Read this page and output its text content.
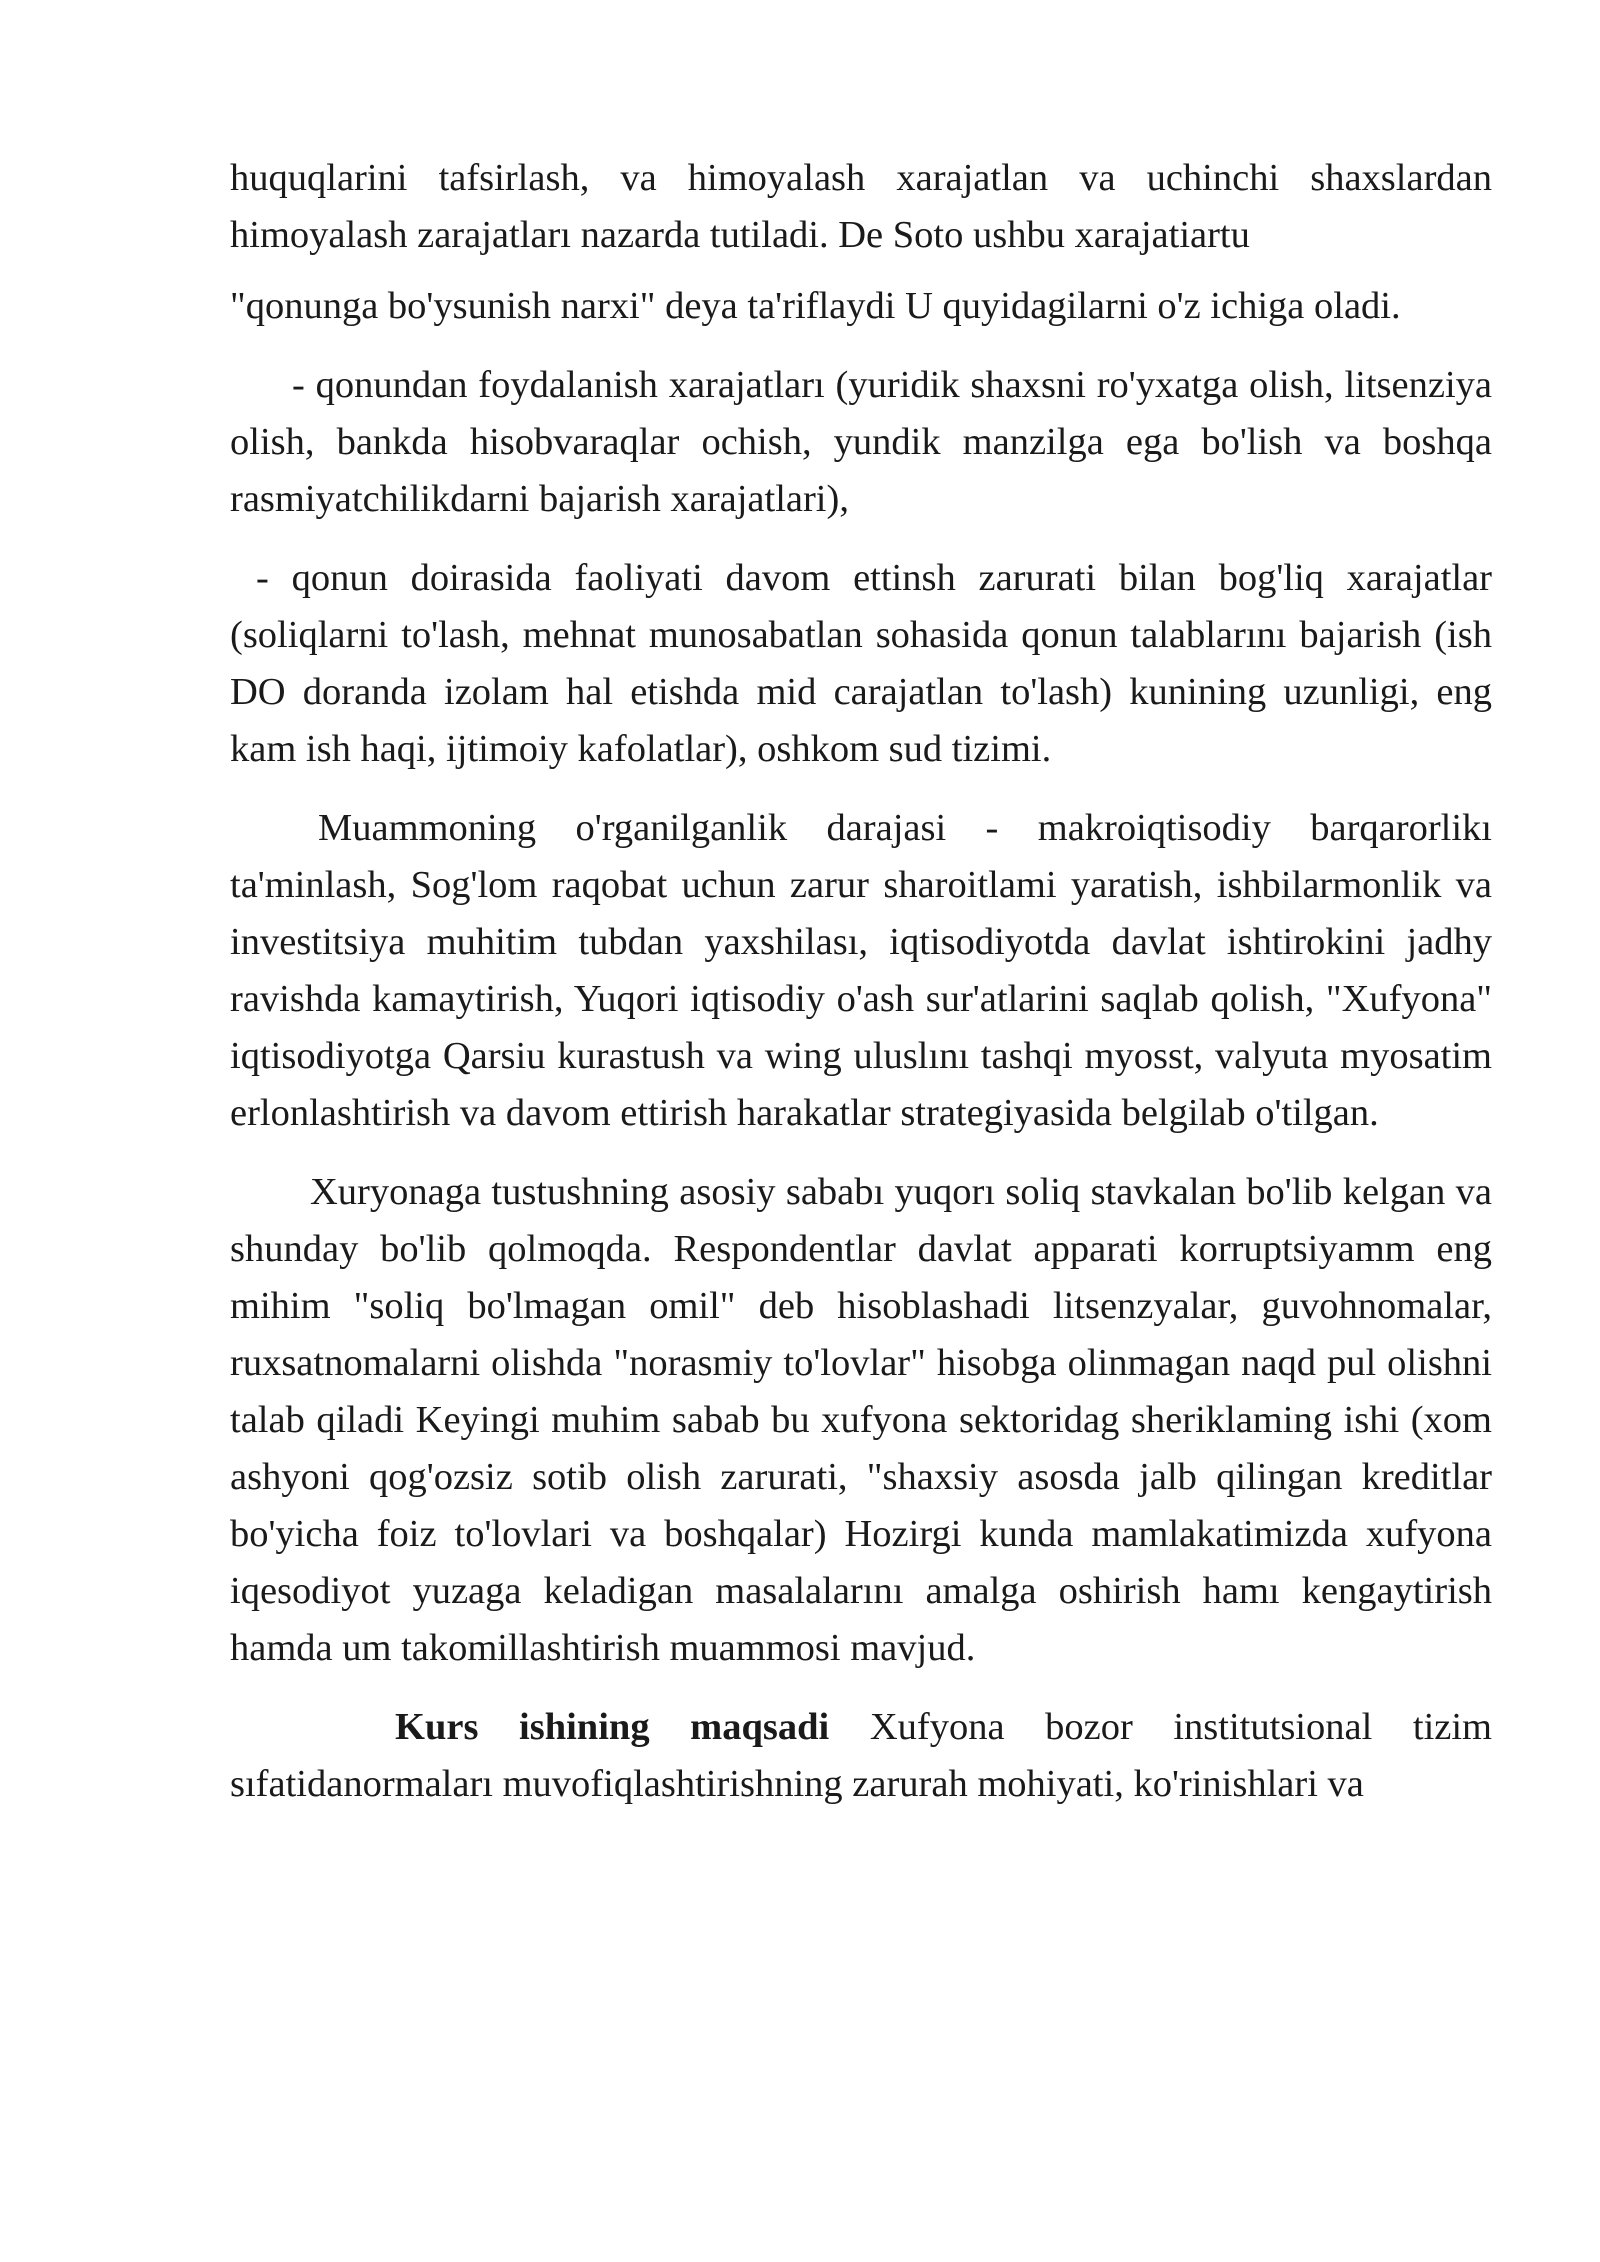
huquqlarini tafsirlash, va himoyalash xarajatlan va uchinchi shaxslardan himoyalash zarajatları nazarda tutiladi. De Soto ushbu xarajatiartu

"qonunga bo'ysunish narxi" deya ta'riflaydi U quyidagilarni o'z ichiga oladi.

- qonundan foydalanish xarajatları (yuridik shaxsni ro'yxatga olish, litsenziya olish, bankda hisobvaraqlar ochish, yundik manzilga ega bo'lish va boshqa rasmiyatchilikdarni bajarish xarajatlari),

- qonun doirasida faoliyati davom ettinsh zarurati bilan bog'liq xarajatlar (soliqlarni to'lash, mehnat munosabatlan sohasida qonun talablarını bajarish (ish DO doranda izolam hal etishda mid carajatlan to'lash) kunining uzunligi, eng kam ish haqi, ijtimoiy kafolatlar), oshkom sud tizimi.

Muammoning o'rganilganlik darajasi - makroiqtisodiy barqarorlikı ta'minlash, Sog'lom raqobat uchun zarur sharoitlami yaratish, ishbilarmonlik va investitsiya muhitim tubdan yaxshilası, iqtisodiyotda davlat ishtirokini jadhy ravishda kamaytirish, Yuqori iqtisodiy o'ash sur'atlarini saqlab qolish, "Xufyona" iqtisodiyotga Qarsiu kurastush va wing uluslını tashqi myosst, valyuta myosatim erlonlashtirish va davom ettirish harakatlar strategiyasida belgilab o'tilgan.

Xuryonaga tustushning asosiy sababı yuqorı soliq stavkalan bo'lib kelgan va shunday bo'lib qolmoqda. Respondentlar davlat apparati korruptsiyamm eng mihim "soliq bo'lmagan omil" deb hisoblashadi litsenzyalar, guvohnomalar, ruxsatnomalarni olishda "norasmiy to'lovlar" hisobga olinmagan naqd pul olishni talab qiladi Keyingi muhim sabab bu xufyona sektoridag sheriklaming ishi (xom ashyoni qog'ozsiz sotib olish zarurati, "shaxsiy asosda jalb qilingan kreditlar bo'yicha foiz to'lovlari va boshqalar) Hozirgi kunda mamlakatimizda xufyona iqesodiyot yuzaga keladigan masalalarını amalga oshirish hamı kengaytirish hamda um takomillashtirish muammosi mavjud.

Kurs ishining maqsadi Xufyona bozor institutsional tizim sıfatidanormaları muvofiqlashtirishning zarurah mohiyati, ko'rinishlari va
